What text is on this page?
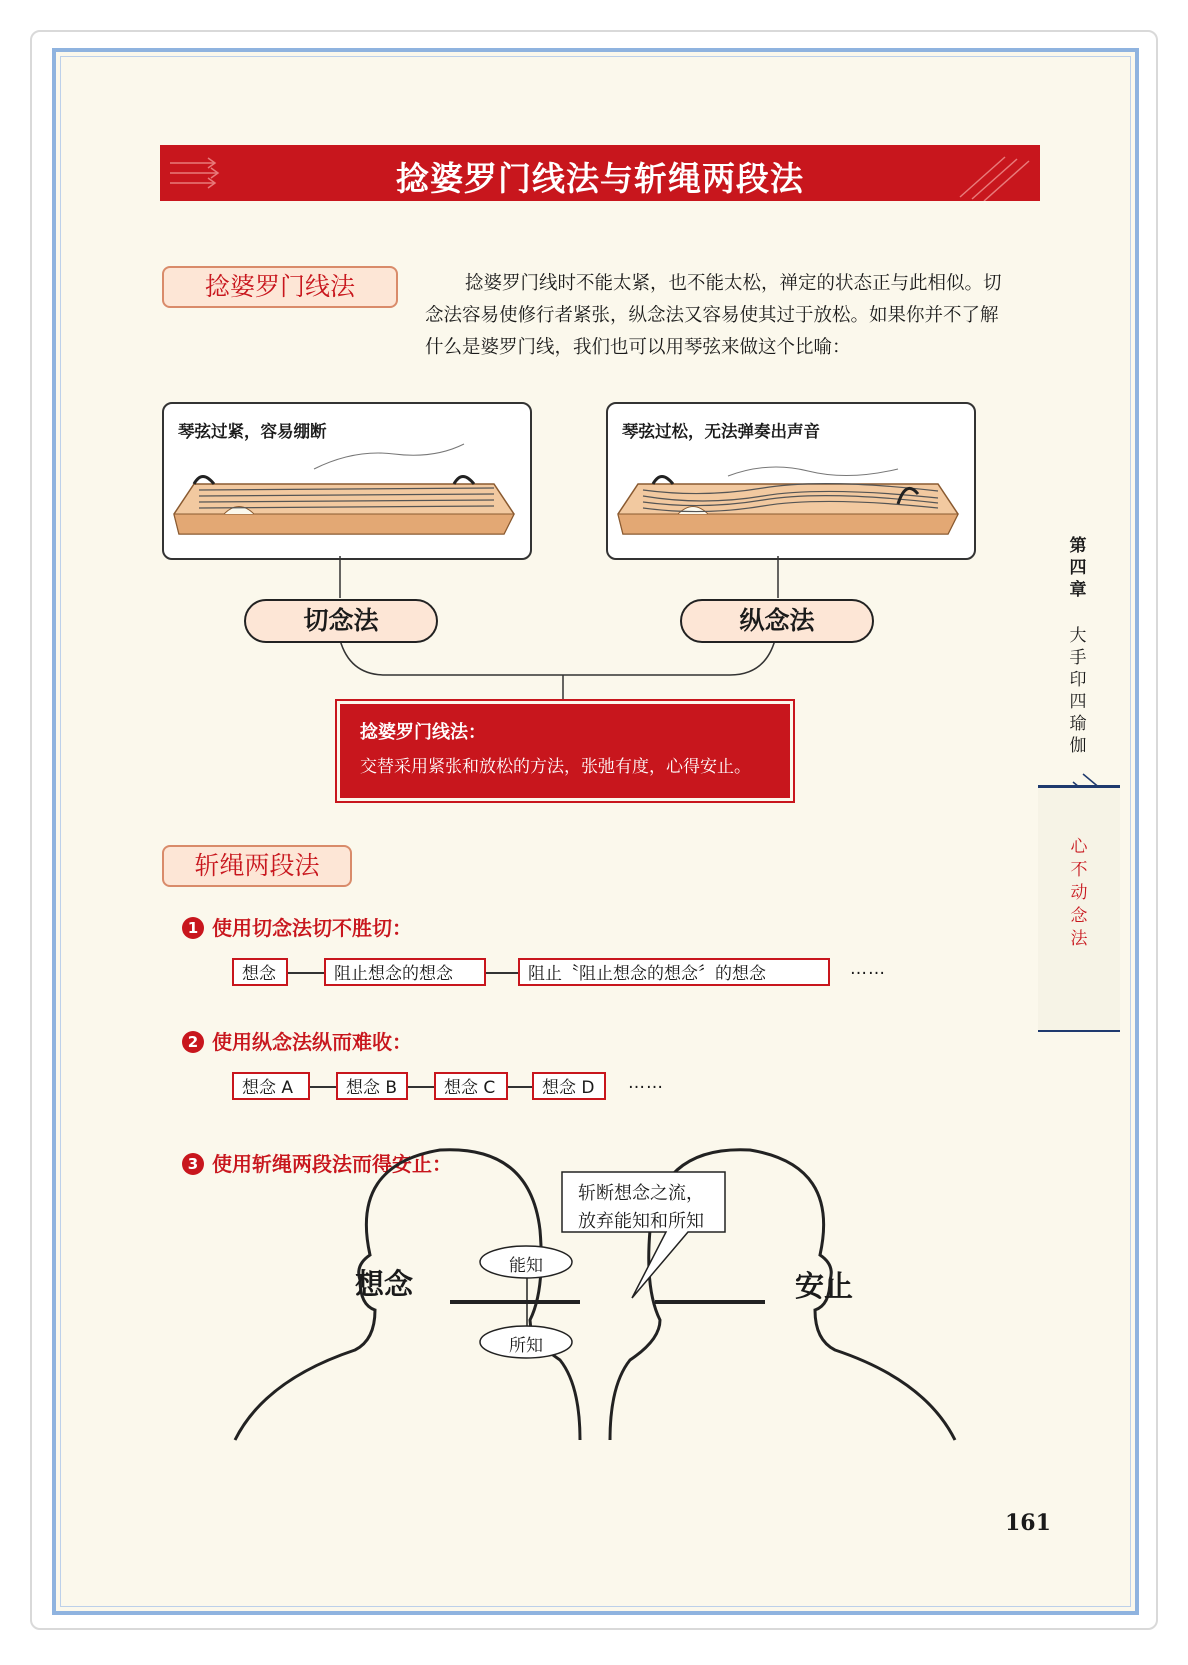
捻婆罗门线法与斩绳两段法
捻婆罗门线法	捻婆罗门线时不能太紧，也不能太松，禅定的状态正与此相似。切念法容易使修行者紧张，纵念法又容易使其过于放松。如果你并不了解什么是婆罗门线，我们也可以用琴弦来做这个比喻：
琴弦过紧，容易绷断	琴弦过松，无法弹奏出声音
切念法	纵念法
捻婆罗门线法：
交替采用紧张和放松的方法，张弛有度，心得安止。
斩绳两段法
1 使用切念法切不胜切：
想念	阻止想念的想念	阻止〝阻止想念的想念〞的想念	……
2 使用纵念法纵而难收：
想念 A	想念 B	想念 C	想念 D	……
3 使用斩绳两段法而得安止：
斩断想念之流，
放弃能知和所知
想念	安止
能知
所知
第四章
大手印四瑜伽
心不动念法
161
